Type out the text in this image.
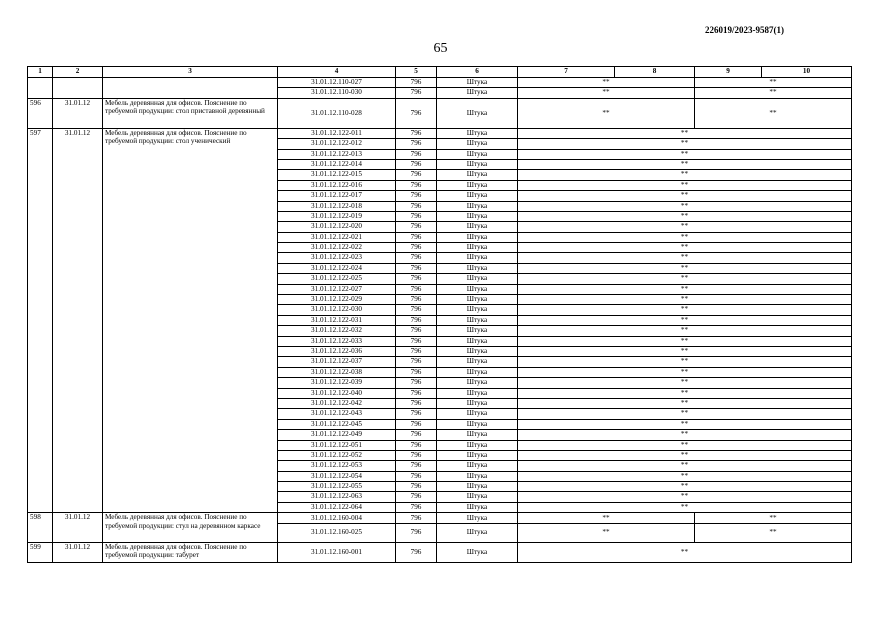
226019/2023-9587(1)
65
1	2	3	4	5	6	7	8	9	10
			31.01.12.110-027	796	Штука	**		**	
			31.01.12.110-030	796	Штука	**		**	
596	31.01.12	Мебель деревянная для офисов. Пояснение по требуемой продукции: стол приставной деревянный	31.01.12.110-028	796	Штука	**		**	
597	31.01.12	Мебель деревянная для офисов. Пояснение по требуемой продукции: стол ученический	31.01.12.122-011	796	Штука	**			
			31.01.12.122-012	796	Штука	**			
			31.01.12.122-013	796	Штука	**			
			31.01.12.122-014	796	Штука	**			
			31.01.12.122-015	796	Штука	**			
			31.01.12.122-016	796	Штука	**			
			31.01.12.122-017	796	Штука	**			
			31.01.12.122-018	796	Штука	**			
			31.01.12.122-019	796	Штука	**			
			31.01.12.122-020	796	Штука	**			
			31.01.12.122-021	796	Штука	**			
			31.01.12.122-022	796	Штука	**			
			31.01.12.122-023	796	Штука	**			
			31.01.12.122-024	796	Штука	**			
			31.01.12.122-025	796	Штука	**			
			31.01.12.122-027	796	Штука	**			
			31.01.12.122-029	796	Штука	**			
			31.01.12.122-030	796	Штука	**			
			31.01.12.122-031	796	Штука	**			
			31.01.12.122-032	796	Штука	**			
			31.01.12.122-033	796	Штука	**			
			31.01.12.122-036	796	Штука	**			
			31.01.12.122-037	796	Штука	**			
			31.01.12.122-038	796	Штука	**			
			31.01.12.122-039	796	Штука	**			
			31.01.12.122-040	796	Штука	**			
			31.01.12.122-042	796	Штука	**			
			31.01.12.122-043	796	Штука	**			
			31.01.12.122-045	796	Штука	**			
			31.01.12.122-049	796	Штука	**			
			31.01.12.122-051	796	Штука	**			
			31.01.12.122-052	796	Штука	**			
			31.01.12.122-053	796	Штука	**			
			31.01.12.122-054	796	Штука	**			
			31.01.12.122-055	796	Штука	**			
			31.01.12.122-063	796	Штука	**			
			31.01.12.122-064	796	Штука	**			
598	31.01.12	Мебель деревянная для офисов. Пояснение по требуемой продукции: стул на деревянном каркасе	31.01.12.160-004	796	Штука	**		**	
			31.01.12.160-025	796	Штука	**		**	
599	31.01.12	Мебель деревянная для офисов. Пояснение по требуемой продукции: табурет	31.01.12.160-001	796	Штука	**			
